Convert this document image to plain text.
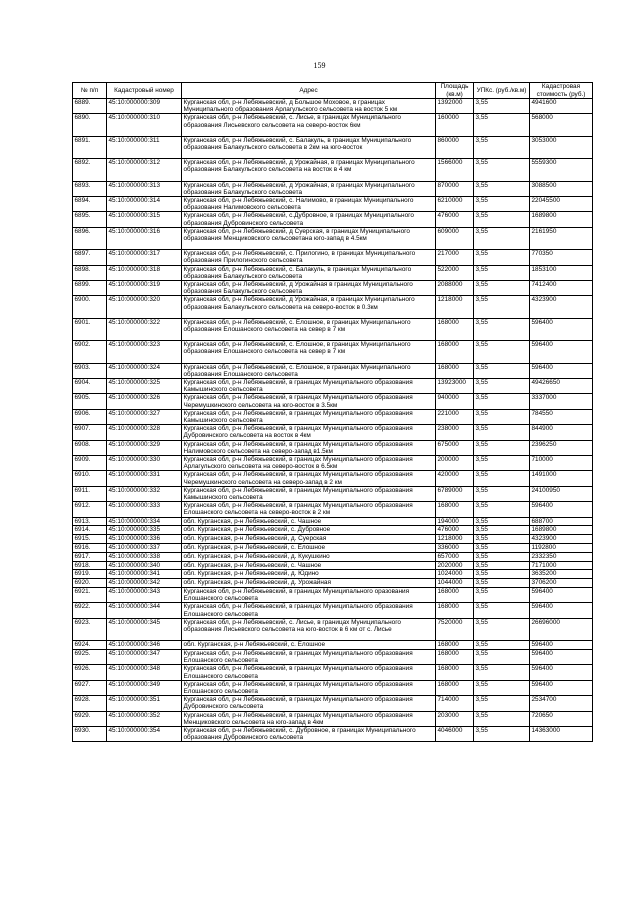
159
№ п/п	Кадастровый номер	Адрес	Площадь (кв.м)	УПКс. (руб./кв.м)	Кадастровая стоимость (руб.)
6889.	45:10:000000:309	Курганская обл, р-н Лебяжьевский, д Большое Моховое, в границах Муниципального образования Арлагульского сельсовета на восток 5 км	1392000	3,55	4941600
6890.	45:10:000000:310	Курганская обл, р-н Лебяжьевский, с. Лисье, в границах Муниципального образования Лисьевского сельсовета на северо-восток 6км	160000	3,55	568000
6891.	45:10:000000:311	Курганская обл, р-н Лебяжьевский, с. Балакуль, в границах Муниципального образования Балакульского сельсовета в 2км на юго-восток	860000	3,55	3053000
6892.	45:10:000000:312	Курганская обл, р-н Лебяжьевский, д Урожайная, в границах Муниципального образования Балакульского сельсовета на восток в 4 км	1566000	3,55	5559300
6893.	45:10:000000:313	Курганская обл, р-н Лебяжьевский, д Урожайная, в границах Муниципального образования Балакульского сельсовета	870000	3,55	3088500
6894.	45:10:000000:314	Курганская обл, р-н Лебяжьевский, с. Налимово, в границах Муниципального образования Налимовского сельсовета	6210000	3,55	22045500
6895.	45:10:000000:315	Курганская обл, р-н Лебяжьевский, с.Дубровное, в границах Муниципального образования Дубровинского сельсовета	476000	3,55	1689800
6896.	45:10:000000:316	Курганская обл, р-н Лебяжьевский, д Суерская, в границах Муниципального образования Менщиковского сельсоветана юго-запад в 4.5км	609000	3,55	2161950
6897.	45:10:000000:317	Курганская обл, р-н Лебяжьевский, с. Прилогино, в границах Муниципального образования Прилогинского сельсовета	217000	3,55	770350
6898.	45:10:000000:318	Курганская обл, р-н Лебяжьевский, с. Балакуль, в границах Муниципального образования Балакульского сельсовета	522000	3,55	1853100
6899.	45:10:000000:319	Курганская обл, р-н Лебяжьевский, д Урожайная в границах Муниципального образования Балакульского сельсовета	2088000	3,55	7412400
6900.	45:10:000000:320	Курганская обл, р-н Лебяжьевский, д Урожайная, в границах Муниципального образования Балакульского сельсовета на северо-восток в 0.3км	1218000	3,55	4323900
6901.	45:10:000000:322	Курганская обл, р-н Лебяжьевский, с. Елошное, в границах Муниципального образования Елошанского сельсовета на север в 7 км	168000	3,55	596400
6902.	45:10:000000:323	Курганская обл, р-н Лебяжьевский, с. Елошное, в границах Муниципального образования Елошанского сельсовета на север в 7 км	168000	3,55	596400
6903.	45:10:000000:324	Курганская обл, р-н Лебяжьевский, с. Елошное, в границах Муниципального образования Елошанского сельсовета	168000	3,55	596400
6904.	45:10:000000:325	Курганская обл, р-н Лебяжьевский, в границах Муниципального образования Камышинского сельсовета	13923000	3,55	49426650
6905.	45:10:000000:326	Курганская обл, р-н Лебяжьевский, в границах Муниципального образования Черемушкинского сельсовета на юго-восток в 3.5км	940000	3,55	3337000
6906.	45:10:000000:327	Курганская обл, р-н Лебяжьевский, в границах Муниципального образования Камышинского сельсовета	221000	3,55	784550
6907.	45:10:000000:328	Курганская обл, р-н Лебяжьевский, в границах Муниципального образования Дубровинского сельсовета на восток в 4км	238000	3,55	844900
6908.	45:10:000000:329	Курганская обл, р-н Лебяжьевский, в границах Муниципального образования Налимовского сельсовета на северо-запад в1.5км	675000	3,55	2396250
6909.	45:10:000000:330	Курганская обл, р-н Лебяжьевский, в границах Муниципального образования Арлагульского сельсовета на северо-восток в 6.5км	200000	3,55	710000
6910.	45:10:000000:331	Курганская обл, р-н Лебяжьевский, в границах Муниципального образования Черемушкинского сельсовета на северо-запад в 2 км	420000	3,55	1491000
6911.	45:10:000000:332	Курганская обл, р-н Лебяжьевский, в границах Муниципального образования Камышинского сельсовета	6789000	3,55	24100950
6912.	45:10:000000:333	Курганская обл, р-н Лебяжьевский, в границах Муниципального образования Елошанского сельсовета на северо-восток в 2 км	168000	3,55	596400
6913.	45:10:000000:334	обл. Курганская, р-н Лебяжьевский, с. Чашное	194000	3,55	688700
6914.	45:10:000000:335	обл. Курганская, р-н Лебяжьевский, с. Дубровное	476000	3,55	1689800
6915.	45:10:000000:336	обл. Курганская, р-н Лебяжьевский, д. Суерская	1218000	3,55	4323900
6916.	45:10:000000:337	обл. Курганская, р-н Лебяжьевский, с. Елошное	336000	3,55	1192800
6917.	45:10:000000:338	обл. Курганская, р-н Лебяжьевский, д. Кукушкино	657000	3,55	2332350
6918.	45:10:000000:340	обл. Курганская, р-н Лебяжьевский, с. Чашное	2020000	3,55	7171000
6919.	45:10:000000:341	обл. Курганская, р-н Лебяжьевский, д. Юдино	1024000	3,55	3635200
6920.	45:10:000000:342	обл. Курганская, р-н Лебяжьевский, д. Урожайная	1044000	3,55	3706200
6921.	45:10:000000:343	Курганская обл, р-н Лебяжьевский, в границах Муниципального оразования Елошанского сельсовета	168000	3,55	596400
6922.	45:10:000000:344	Курганская обл, р-н Лебяжьевский, в границах Муниципального образования Елошанского сельсовета	168000	3,55	596400
6923.	45:10:000000:345	Курганская обл, р-н Лебяжьевский, с. Лисье, в границах Муниципального образования Лисьевского сельсовета на юго-восток в 6 км от с. Лисье	7520000	3,55	26696000
6924.	45:10:000000:346	обл. Курганская, р-н Лебяжьевский, с. Елошное	168000	3,55	596400
6925.	45:10:000000:347	Курганская обл, р-н Лебяжьевский, в границах Муниципального образования Елошанского сельсовета	168000	3,55	596400
6926.	45:10:000000:348	Курганская обл, р-н Лебяжьевский, в границах Муниципального образования Елошанского сельсовета	168000	3,55	596400
6927.	45:10:000000:349	Курганская обл, р-н Лебяжьевский, в границах Муниципального образования Елошанского сельсовета	168000	3,55	596400
6928.	45:10:000000:351	Курганская обл, р-н Лебяжьевский, в границах Муниципального образования Дубровинского сельсовета	714000	3,55	2534700
6929.	45:10:000000:352	Курганская обл, р-н Лебяжьевский, в границах Муниципального образования Менщиковского сельсовета на юго-запад в 4км	203000	3,55	720650
6930.	45:10:000000:354	Курганская обл, р-н Лебяжьевский, с. Дубровное, в границах Муниципального образования Дубровинского сельсовета	4046000	3,55	14363000
